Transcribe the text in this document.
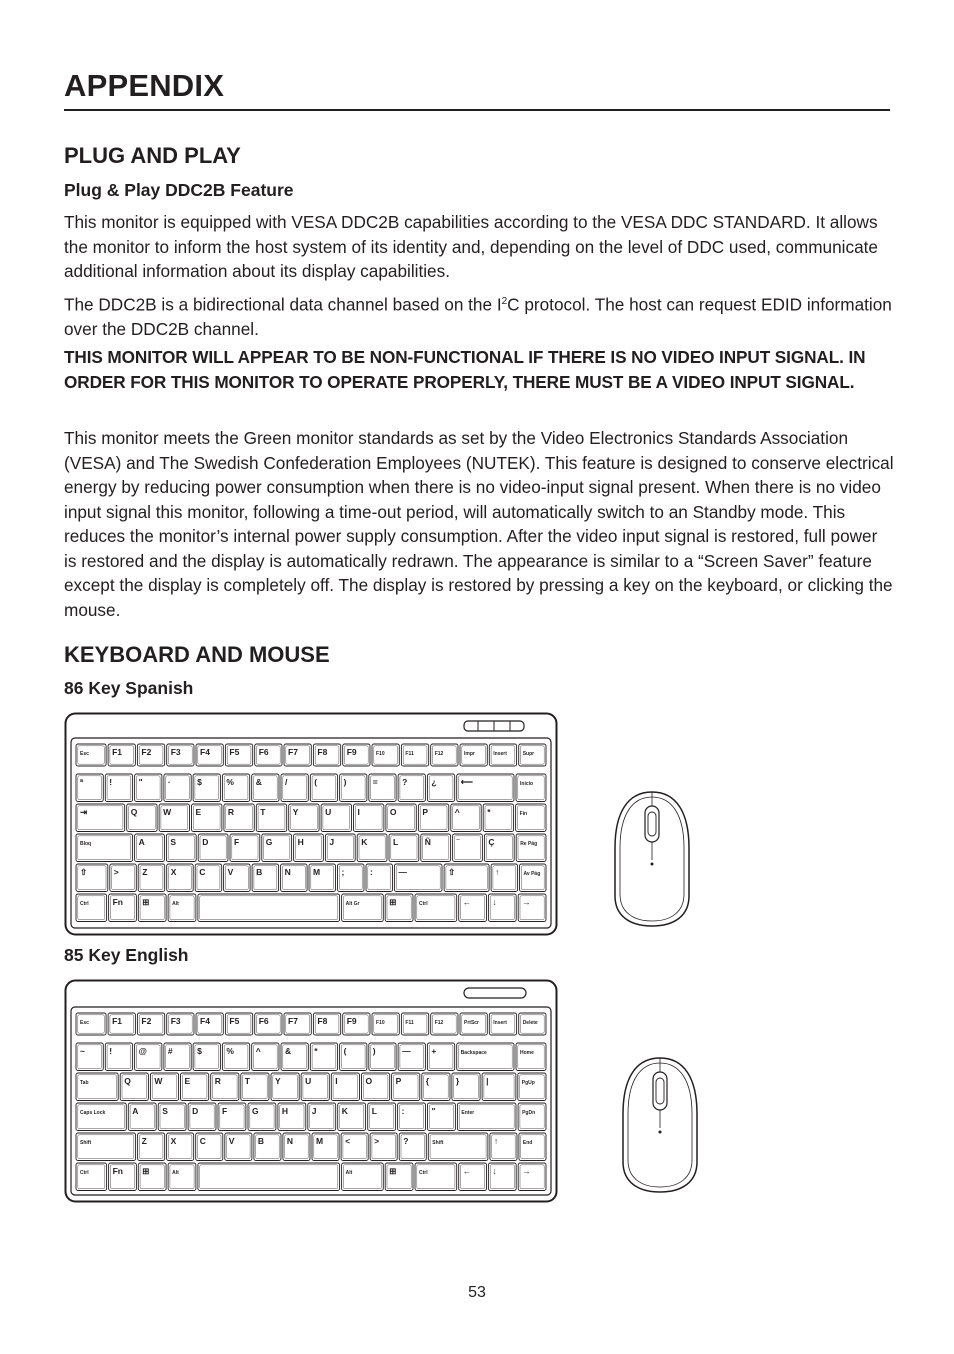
APPENDIX
PLUG AND PLAY
Plug & Play DDC2B Feature

This monitor is equipped with VESA DDC2B capabilities according to the VESA DDC STANDARD. It allows the monitor to inform the host system of its identity and, depending on the level of DDC used, communicate additional information about its display capabilities.

The DDC2B is a bidirectional data channel based on the $I^2C$ protocol. The host can request EDID information over the DDC2B channel.

THIS MONITOR WILL APPEAR TO BE NON-FUNCTIONAL IF THERE IS NO VIDEO INPUT SIGNAL. IN ORDER FOR THIS MONITOR TO OPERATE PROPERLY, THERE MUST BE A VIDEO INPUT SIGNAL.

This monitor meets the Green monitor standards as set by the Video Electronics Standards Association (VESA) and The Swedish Confederation Employees (NUTEK). This feature is designed to conserve electrical energy by reducing power consumption when there is no video-input signal present. When there is no video input signal this monitor, following a time-out period, will automatically switch to an Standby mode. This reduces the monitor’s internal power supply consumption. After the video input signal is restored, full power is restored and the display is automatically redrawn. The appearance is similar to a “Screen Saver” feature except the display is completely off. The display is restored by pressing a key on the keyboard, or clicking the mouse.

KEYBOARD AND MOUSE
86 Key Spanish
Esc	F1 F2 F3 F4 F5 F6 F7 F8 F9	F10	F11	F12	Impr	Insert	Supr
ª	!	"	·	$	%	&	/	(	)	=	?	¿	⟵	Inicio
⇥	Q	W	E	R	T	Y	U	I	O	P	^	*	Fin
Bloq	A	S	D	F	G	H	J	K	L	Ñ	¨	Ç	Re Pág
⇧	>	Z	X	C	V	B	N	M	;	:	—	⇧	↑	Av Pág
Ctrl	Fn ⊞	Alt	Alt Gr	⊞	Ctrl	← ↓	→
85 Key English
Esc	F1 F2 F3 F4 F5 F6 F7 F8 F9	F10	F11	F12	PrtScr	Insert	Delete
~	!	@ #	$	%	^	&	*	(	)	— +	Backspace	Home
Tab	Q	W	E	R	T	Y	U	I	O	P	{	}	|	PgUp
Caps Lock	A	S	D	F	G	H	J	K	L	:	"	Enter	PgDn
Shift	Z	X	C	V	B	N	M	<	>	?	Shift	↑	End
Ctrl	Fn ⊞	Alt	Alt	⊞	Ctrl	← ↓	→
53
